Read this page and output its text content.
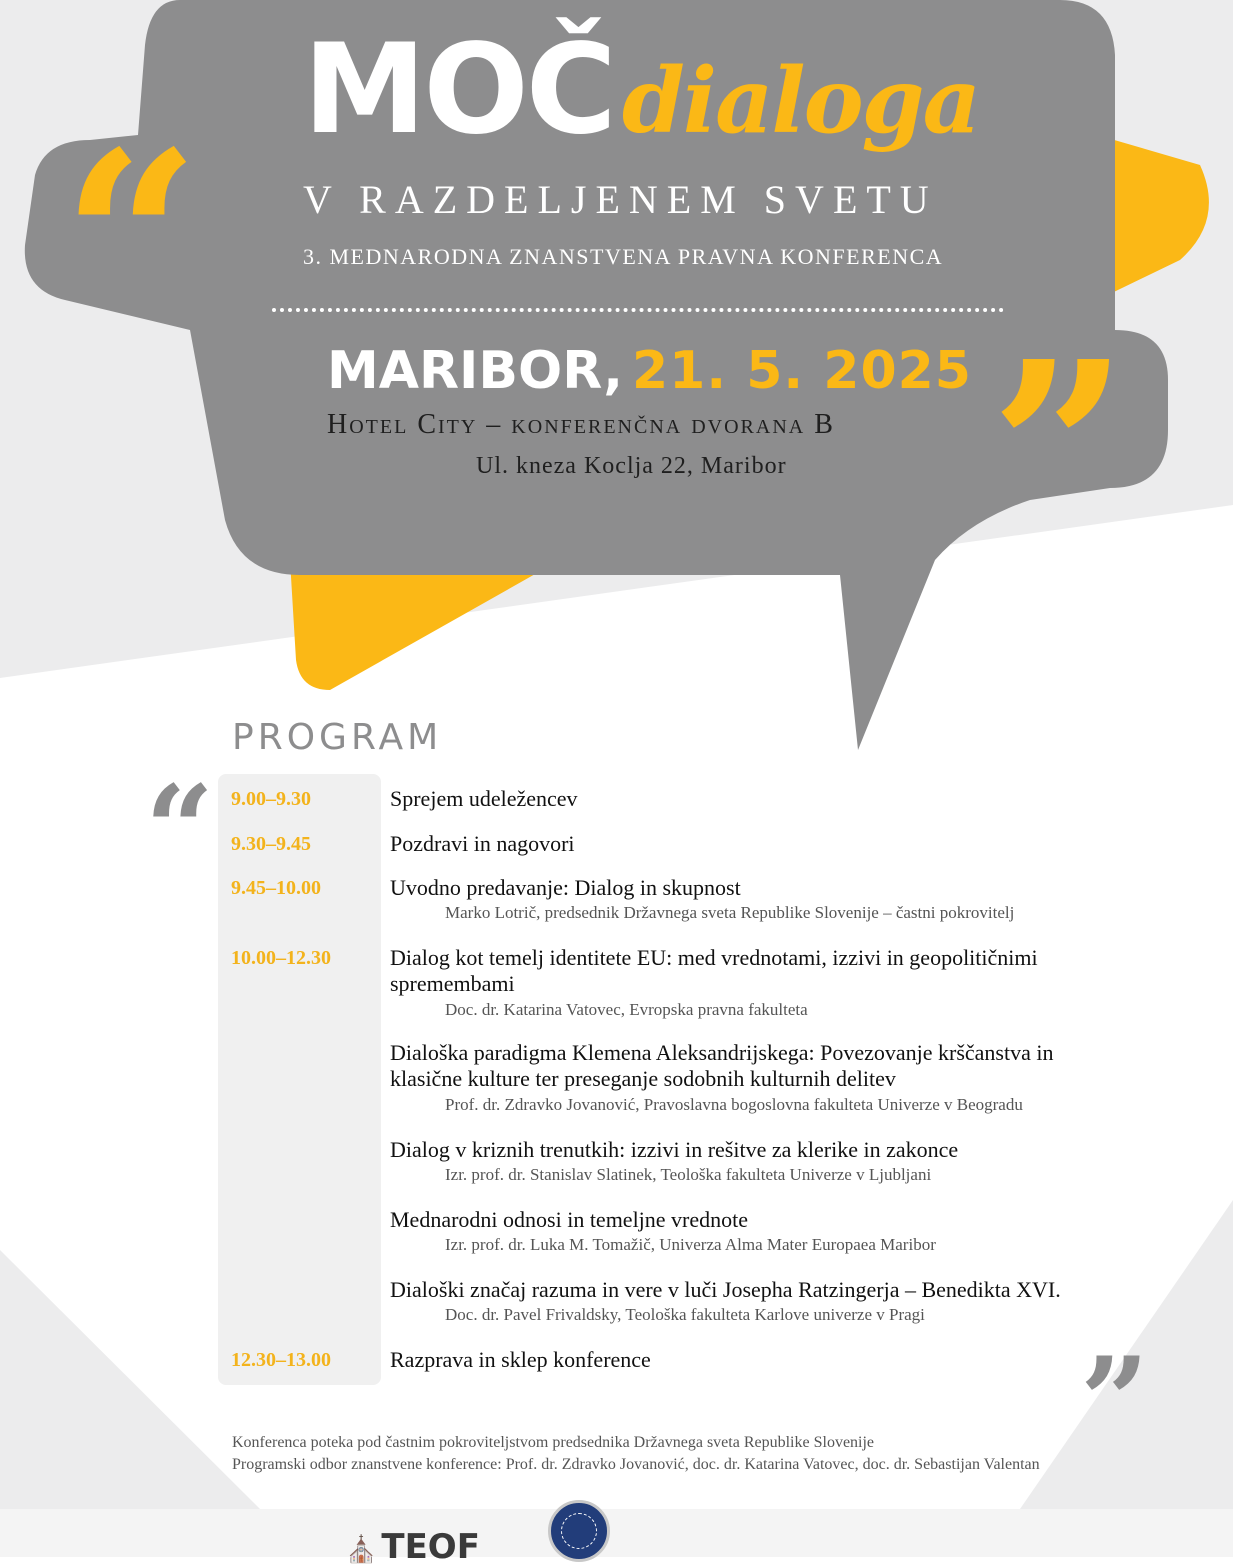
“
”
MOČ dialoga
V RAZDELJENEM SVETU
3. MEDNARODNA ZNANSTVENA PRAVNA KONFERENCA
MARIBOR, 21. 5. 2025
Hotel City – konferenčna dvorana B
Ul. kneza Koclja 22, Maribor
PROGRAM
“
”
9.00–9.30	Sprejem udeležencev
9.30–9.45	Pozdravi in nagovori
9.45–10.00	Uvodno predavanje: Dialog in skupnost
Marko Lotrič, predsednik Državnega sveta Republike Slovenije – častni pokrovitelj
10.00–12.30	Dialog kot temelj identitete EU: med vrednotami, izzivi in geopolitičnimi spremembami
Doc. dr. Katarina Vatovec, Evropska pravna fakulteta
Dialoška paradigma Klemena Aleksandrijskega: Povezovanje krščanstva in klasične kulture ter preseganje sodobnih kulturnih delitev
Prof. dr. Zdravko Jovanović, Pravoslavna bogoslovna fakulteta Univerze v Beogradu
Dialog v kriznih trenutkih: izzivi in rešitve za klerike in zakonce
Izr. prof. dr. Stanislav Slatinek, Teološka fakulteta Univerze v Ljubljani
Mednarodni odnosi in temeljne vrednote
Izr. prof. dr. Luka M. Tomažič, Univerza Alma Mater Europaea Maribor
Dialoški značaj razuma in vere v luči Josepha Ratzingerja – Benedikta XVI.
Doc. dr. Pavel Frivaldsky, Teološka fakulteta Karlove univerze v Pragi
12.30–13.00	Razprava in sklep konference
Konferenca poteka pod častnim pokroviteljstvom predsednika Državnega sveta Republike Slovenije
Programski odbor znanstvene konference: Prof. dr. Zdravko Jovanović, doc. dr. Katarina Vatovec, doc. dr. Sebastijan Valentan
⛪ TEOF
